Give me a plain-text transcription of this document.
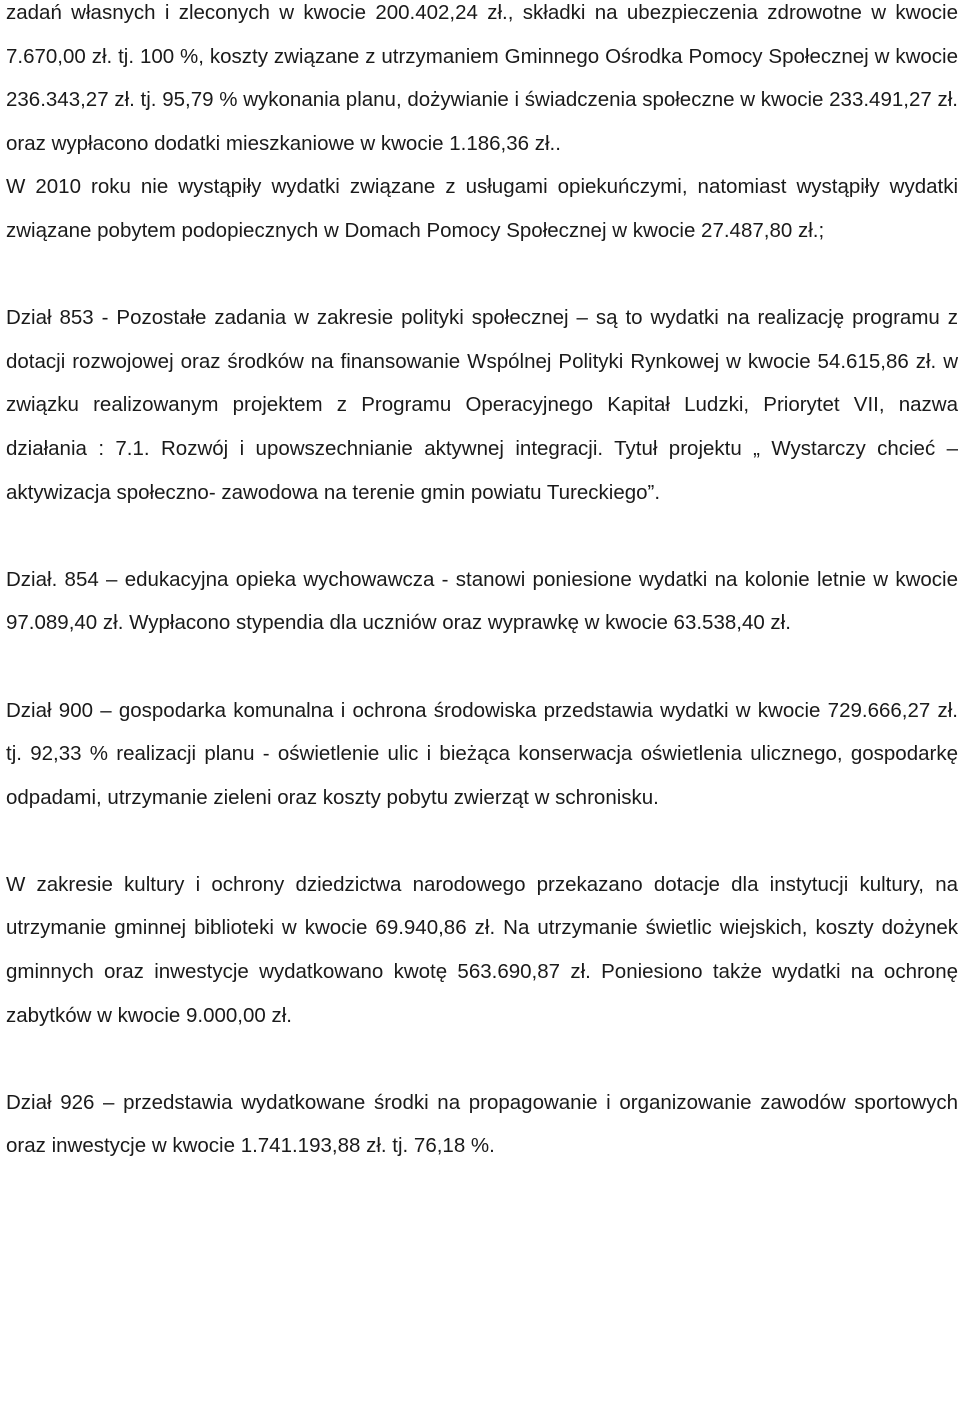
zadań własnych i zleconych w kwocie 200.402,24 zł., składki na ubezpieczenia zdrowotne w kwocie 7.670,00 zł. tj. 100 %, koszty związane z utrzymaniem Gminnego Ośrodka Pomocy Społecznej w kwocie 236.343,27 zł. tj. 95,79 % wykonania planu, dożywianie i świadczenia społeczne w kwocie 233.491,27 zł. oraz wypłacono dodatki mieszkaniowe w kwocie 1.186,36 zł..

W 2010 roku nie wystąpiły wydatki związane z usługami opiekuńczymi, natomiast wystąpiły wydatki związane pobytem podopiecznych w Domach Pomocy Społecznej w kwocie 27.487,80 zł.;

Dział 853 - Pozostałe zadania w zakresie polityki społecznej – są to wydatki na realizację programu z dotacji rozwojowej oraz środków na finansowanie Wspólnej Polityki Rynkowej w kwocie 54.615,86 zł. w związku realizowanym projektem z Programu Operacyjnego Kapitał Ludzki, Priorytet VII, nazwa działania : 7.1. Rozwój i upowszechnianie aktywnej integracji. Tytuł projektu „ Wystarczy chcieć – aktywizacja społeczno- zawodowa na terenie gmin powiatu Tureckiego”.

Dział. 854 – edukacyjna opieka wychowawcza - stanowi poniesione wydatki na kolonie letnie w kwocie 97.089,40 zł. Wypłacono stypendia dla uczniów oraz wyprawkę w kwocie 63.538,40 zł.

Dział 900 – gospodarka komunalna i ochrona środowiska przedstawia wydatki w kwocie 729.666,27 zł. tj. 92,33 % realizacji planu - oświetlenie ulic i bieżąca konserwacja oświetlenia ulicznego, gospodarkę odpadami, utrzymanie zieleni oraz koszty pobytu zwierząt w schronisku.

W zakresie kultury i ochrony dziedzictwa narodowego przekazano dotacje dla instytucji kultury, na utrzymanie gminnej biblioteki w kwocie 69.940,86 zł. Na utrzymanie świetlic wiejskich, koszty dożynek gminnych oraz inwestycje wydatkowano kwotę 563.690,87 zł. Poniesiono także wydatki na ochronę zabytków w kwocie 9.000,00 zł.

Dział 926 – przedstawia wydatkowane środki na propagowanie i organizowanie zawodów sportowych oraz inwestycje w kwocie 1.741.193,88 zł. tj. 76,18 %.
